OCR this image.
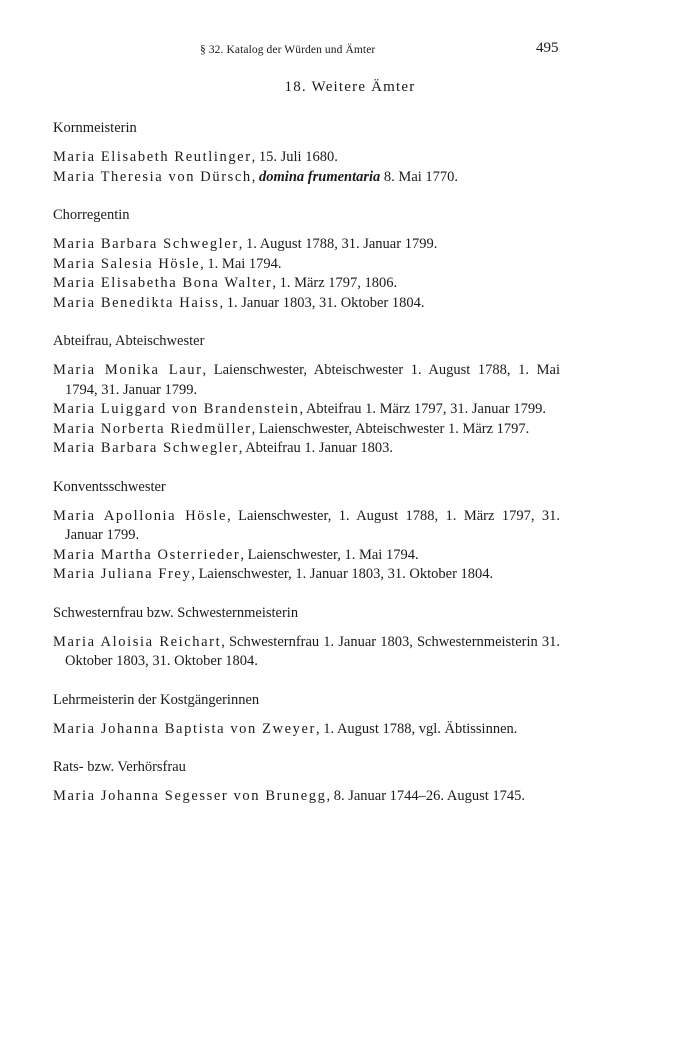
§ 32. Katalog der Würden und Ämter	495
18. Weitere Ämter

Kornmeisterin

Maria Elisabeth Reutlinger, 15. Juli 1680.

Maria Theresia von Dürsch, domina frumentaria 8. Mai 1770.

Chorregentin

Maria Barbara Schwegler, 1. August 1788, 31. Januar 1799.

Maria Salesia Hösle, 1. Mai 1794.

Maria Elisabetha Bona Walter, 1. März 1797, 1806.

Maria Benedikta Haiss, 1. Januar 1803, 31. Oktober 1804.

Abteifrau, Abteischwester

Maria Monika Laur, Laienschwester, Abteischwester 1. August 1788, 1. Mai 1794, 31. Januar 1799.

Maria Luiggard von Brandenstein, Abteifrau 1. März 1797, 31. Januar 1799.

Maria Norberta Riedmüller, Laienschwester, Abteischwester 1. März 1797.

Maria Barbara Schwegler, Abteifrau 1. Januar 1803.

Konventsschwester

Maria Apollonia Hösle, Laienschwester, 1. August 1788, 1. März 1797, 31. Januar 1799.

Maria Martha Osterrieder, Laienschwester, 1. Mai 1794.

Maria Juliana Frey, Laienschwester, 1. Januar 1803, 31. Oktober 1804.

Schwesternfrau bzw. Schwesternmeisterin

Maria Aloisia Reichart, Schwesternfrau 1. Januar 1803, Schwesternmeisterin 31. Oktober 1803, 31. Oktober 1804.

Lehrmeisterin der Kostgängerinnen

Maria Johanna Baptista von Zweyer, 1. August 1788, vgl. Äbtissinnen.

Rats- bzw. Verhörsfrau

Maria Johanna Segesser von Brunegg, 8. Januar 1744–26. August 1745.
